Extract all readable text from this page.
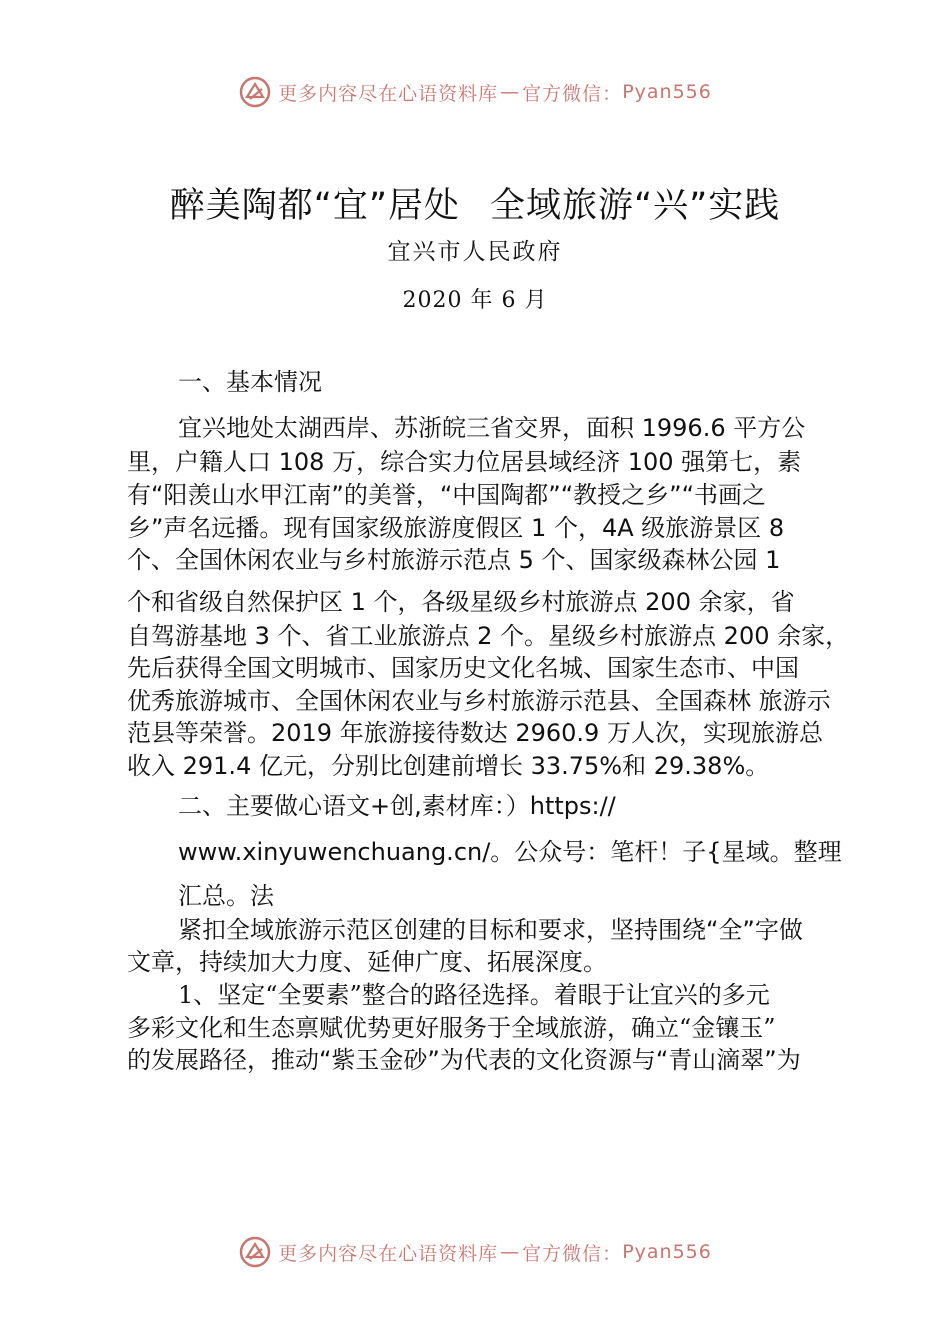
更多内容尽在心语资料库 — 官方微信： Pyan556
醉美陶都“宜”居处 全域旅游“兴”实践
宜兴市人民政府
2020 年 6 月
一、基本情况
宜兴地处太湖西岸、苏浙皖三省交界，面积 1996.6 平方公
里，户籍人口 108 万，综合实力位居县域经济 100 强第七，素
有“阳羡山水甲江南”的美誉，“中国陶都”“教授之乡”“书画之
乡”声名远播。现有国家级旅游度假区 1 个，4A 级旅游景区 8
个、全国休闲农业与乡村旅游示范点 5 个、国家级森林公园 1
个和省级自然保护区 1 个，各级星级乡村旅游点 200 余家，省
自驾游基地 3 个、省工业旅游点 2 个。星级乡村旅游点 200 余家，
先后获得全国文明城市、国家历史文化名城、国家生态市、中国
优秀旅游城市、全国休闲农业与乡村旅游示范县、全国森林 旅游示
范县等荣誉。2019 年旅游接待数达 2960.9 万人次，实现旅游总
收入 291.4 亿元，分别比创建前增长 33.75%和 29.38%。
二、主要做心语文+创,素材库：）https://
www.xinyuwenchuang.cn/。公众号：笔杆！子{星域。整理
汇总。法
紧扣全域旅游示范区创建的目标和要求，坚持围绕“全”字做
文章，持续加大力度、延伸广度、拓展深度。
1、坚定“全要素”整合的路径选择。着眼于让宜兴的多元
多彩文化和生态禀赋优势更好服务于全域旅游，确立“金镶玉”
的发展路径，推动“紫玉金砂”为代表的文化资源与“青山滴翠”为
更多内容尽在心语资料库 — 官方微信： Pyan556
